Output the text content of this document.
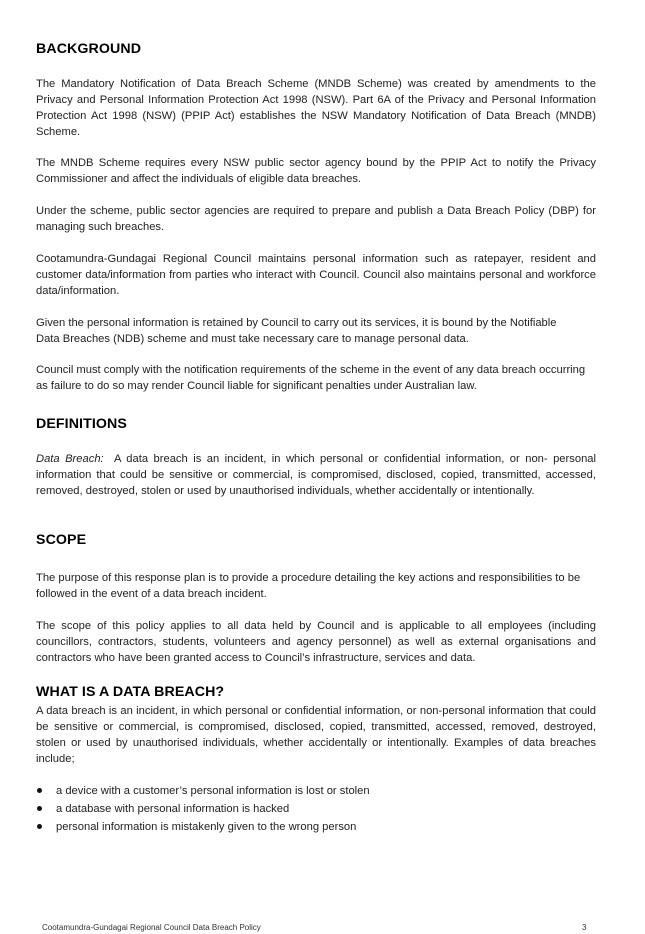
BACKGROUND

The Mandatory Notification of Data Breach Scheme (MNDB Scheme) was created by amendments to the Privacy and Personal Information Protection Act 1998 (NSW). Part 6A of the Privacy and Personal Information Protection Act 1998 (NSW) (PPIP Act) establishes the NSW Mandatory Notification of Data Breach (MNDB) Scheme.

The MNDB Scheme requires every NSW public sector agency bound by the PPIP Act to notify the Privacy Commissioner and affect the individuals of eligible data breaches.

Under the scheme, public sector agencies are required to prepare and publish a Data Breach Policy (DBP) for managing such breaches.

Cootamundra-Gundagai Regional Council maintains personal information such as ratepayer, resident and customer data/information from parties who interact with Council. Council also maintains personal and workforce data/information.

Given the personal information is retained by Council to carry out its services, it is bound by the Notifiable Data Breaches (NDB) scheme and must take necessary care to manage personal data.

Council must comply with the notification requirements of the scheme in the event of any data breach occurring as failure to do so may render Council liable for significant penalties under Australian law.

DEFINITIONS

Data Breach: A data breach is an incident, in which personal or confidential information, or non- personal information that could be sensitive or commercial, is compromised, disclosed, copied, transmitted, accessed, removed, destroyed, stolen or used by unauthorised individuals, whether accidentally or intentionally.

SCOPE

The purpose of this response plan is to provide a procedure detailing the key actions and responsibilities to be followed in the event of a data breach incident.

The scope of this policy applies to all data held by Council and is applicable to all employees (including councillors, contractors, students, volunteers and agency personnel) as well as external organisations and contractors who have been granted access to Council’s infrastructure, services and data.

WHAT IS A DATA BREACH?

A data breach is an incident, in which personal or confidential information, or non-personal information that could be sensitive or commercial, is compromised, disclosed, copied, transmitted, accessed, removed, destroyed, stolen or used by unauthorised individuals, whether accidentally or intentionally. Examples of data breaches include;

a device with a customer’s personal information is lost or stolen
a database with personal information is hacked
personal information is mistakenly given to the wrong person
Cootamundra-Gundagai Regional Council Data Breach Policy	3
